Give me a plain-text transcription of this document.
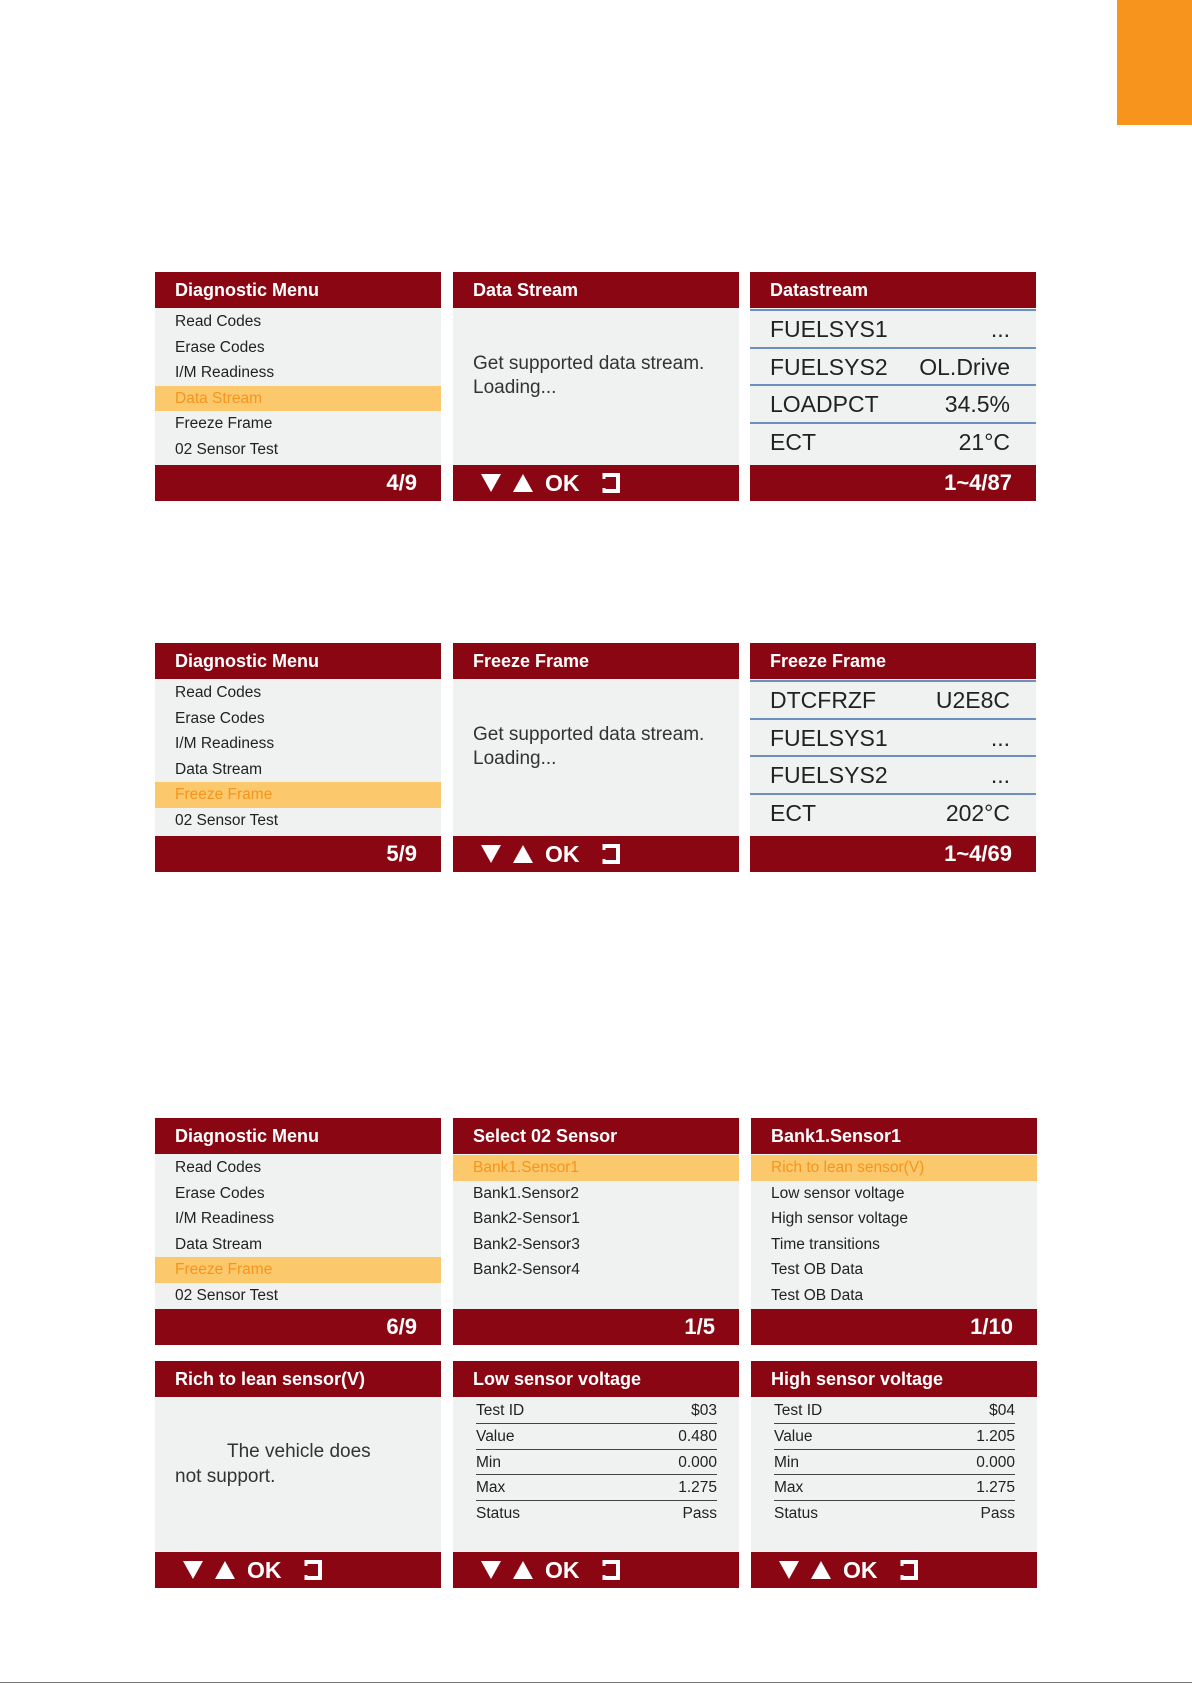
Diagnostic Menu
Read Codes
Erase Codes
I/M Readiness
Data Stream
Freeze Frame
02 Sensor Test
4/9
Data Stream
Get supported data stream. Loading...
OK
Datastream
FUELSYS1	...
FUELSYS2 OL.Drive
LOADPCT	34.5%
ECT	21°C
1~4/87
Diagnostic Menu
Read Codes
Erase Codes
I/M Readiness
Data Stream
Freeze Frame
02 Sensor Test
5/9
Freeze Frame
Get supported data stream. Loading...
OK
Freeze Frame
DTCFRZF	U2E8C
FUELSYS1	...
FUELSYS2	...
ECT	202°C
1~4/69
Diagnostic Menu
Read Codes
Erase Codes
I/M Readiness
Data Stream
Freeze Frame
02 Sensor Test
6/9
Select 02 Sensor
Bank1.Sensor1
Bank1.Sensor2
Bank2-Sensor1
Bank2-Sensor3
Bank2-Sensor4
1/5
Bank1.Sensor1
Rich to lean sensor(V)
Low sensor voltage
High sensor voltage
Time transitions
Test OB Data
Test OB Data
1/10
Rich to lean sensor(V)
The vehicle does
not support.
OK
Low sensor voltage
Test ID	$03
Value	0.480
Min	0.000
Max	1.275
Status	Pass
OK
High sensor voltage
Test ID	$04
Value	1.205
Min	0.000
Max	1.275
Status	Pass
OK
